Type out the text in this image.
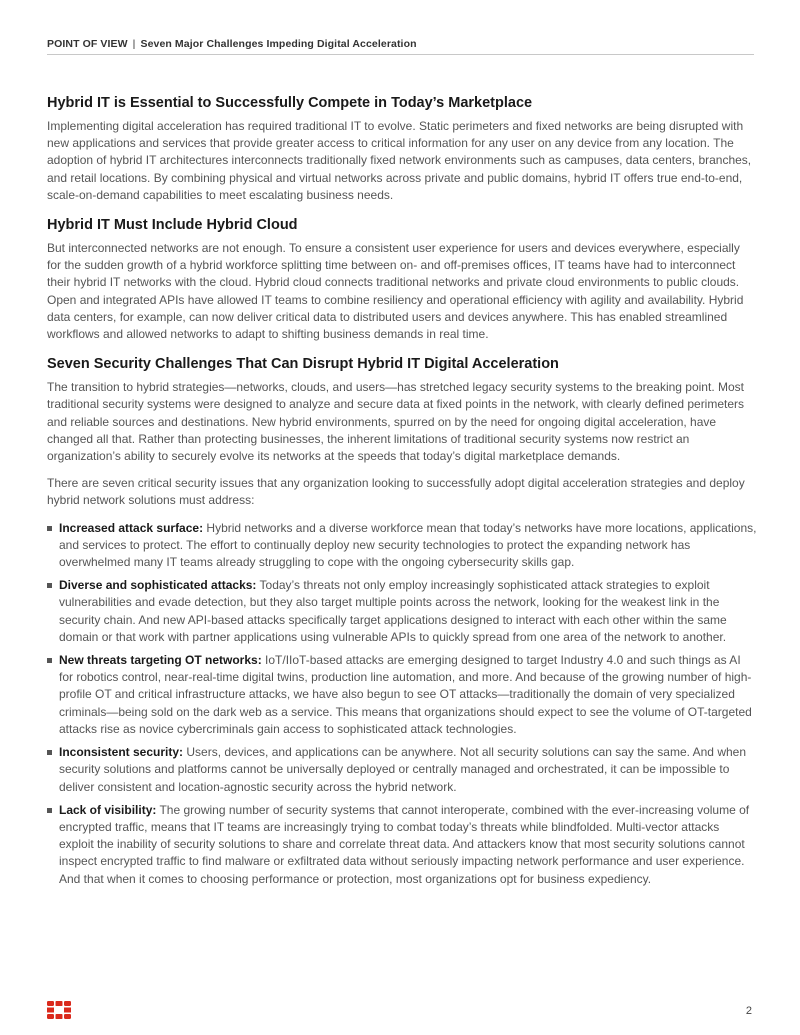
POINT OF VIEW | Seven Major Challenges Impeding Digital Acceleration
Hybrid IT is Essential to Successfully Compete in Today’s Marketplace

Implementing digital acceleration has required traditional IT to evolve. Static perimeters and fixed networks are being disrupted with new applications and services that provide greater access to critical information for any user on any device from any location. The adoption of hybrid IT architectures interconnects traditionally fixed network environments such as campuses, data centers, branches, and retail locations. By combining physical and virtual networks across private and public domains, hybrid IT offers true end-to-end, scale-on-demand capabilities to meet escalating business needs.

Hybrid IT Must Include Hybrid Cloud

But interconnected networks are not enough. To ensure a consistent user experience for users and devices everywhere, especially for the sudden growth of a hybrid workforce splitting time between on- and off-premises offices, IT teams have had to interconnect their hybrid IT networks with the cloud. Hybrid cloud connects traditional networks and private cloud environments to public clouds. Open and integrated APIs have allowed IT teams to combine resiliency and operational efficiency with agility and availability. Hybrid data centers, for example, can now deliver critical data to distributed users and devices anywhere. This has enabled streamlined workflows and allowed networks to adapt to shifting business demands in real time.

Seven Security Challenges That Can Disrupt Hybrid IT Digital Acceleration

The transition to hybrid strategies—networks, clouds, and users—has stretched legacy security systems to the breaking point. Most traditional security systems were designed to analyze and secure data at fixed points in the network, with clearly defined perimeters and reliable sources and destinations. New hybrid environments, spurred on by the need for ongoing digital acceleration, have changed all that. Rather than protecting businesses, the inherent limitations of traditional security systems now restrict an organization’s ability to securely evolve its networks at the speeds that today’s digital marketplace demands.

There are seven critical security issues that any organization looking to successfully adopt digital acceleration strategies and deploy hybrid network solutions must address:

Increased attack surface: Hybrid networks and a diverse workforce mean that today’s networks have more locations, applications, and services to protect. The effort to continually deploy new security technologies to protect the expanding network has overwhelmed many IT teams already struggling to cope with the ongoing cybersecurity skills gap.
Diverse and sophisticated attacks: Today’s threats not only employ increasingly sophisticated attack strategies to exploit vulnerabilities and evade detection, but they also target multiple points across the network, looking for the weakest link in the security chain. And new API-based attacks specifically target applications designed to interact with each other within the same domain or that work with partner applications using vulnerable APIs to quickly spread from one area of the network to another.
New threats targeting OT networks: IoT/IIoT-based attacks are emerging designed to target Industry 4.0 and such things as AI for robotics control, near-real-time digital twins, production line automation, and more. And because of the growing number of high-profile OT and critical infrastructure attacks, we have also begun to see OT attacks—traditionally the domain of very specialized criminals—being sold on the dark web as a service. This means that organizations should expect to see the volume of OT-targeted attacks rise as novice cybercriminals gain access to sophisticated attack technologies.
Inconsistent security: Users, devices, and applications can be anywhere. Not all security solutions can say the same. And when security solutions and platforms cannot be universally deployed or centrally managed and orchestrated, it can be impossible to deliver consistent and location-agnostic security across the hybrid network.
Lack of visibility: The growing number of security systems that cannot interoperate, combined with the ever-increasing volume of encrypted traffic, means that IT teams are increasingly trying to combat today’s threats while blindfolded. Multi-vector attacks exploit the inability of security solutions to share and correlate threat data. And attackers know that most security solutions cannot inspect encrypted traffic to find malware or exfiltrated data without seriously impacting network performance and user experience. And that when it comes to choosing performance or protection, most organizations opt for business expediency.
2
